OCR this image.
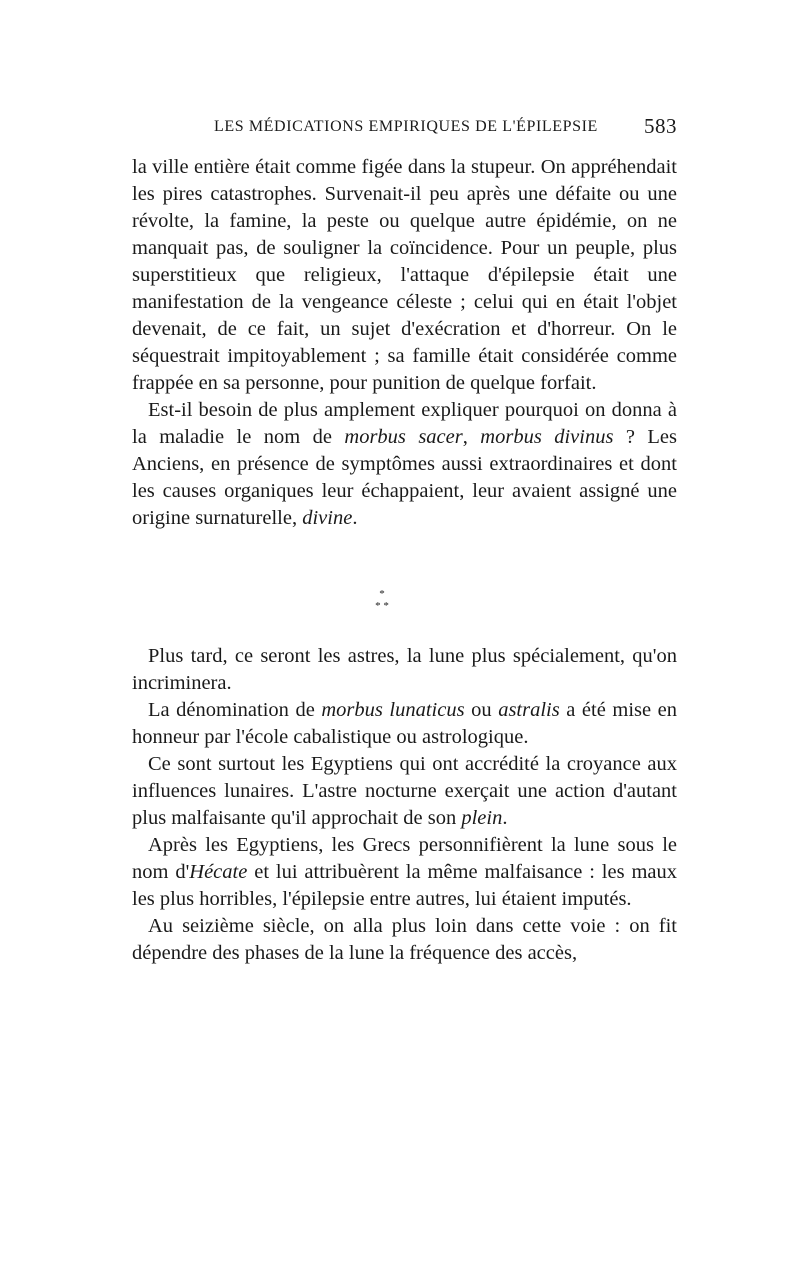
LES MÉDICATIONS EMPIRIQUES DE L'ÉPILEPSIE 583

la ville entière était comme figée dans la stupeur. On appréhendait les pires catastrophes. Survenait-il peu après une défaite ou une révolte, la famine, la peste ou quelque autre épidémie, on ne manquait pas, de souligner la coïncidence. Pour un peuple, plus superstitieux que religieux, l'attaque d'épilepsie était une manifestation de la vengeance céleste ; celui qui en était l'objet devenait, de ce fait, un sujet d'exécration et d'horreur. On le séquestrait impitoyablement ; sa famille était considérée comme frappée en sa personne, pour punition de quelque forfait.

Est-il besoin de plus amplement expliquer pourquoi on donna à la maladie le nom de morbus sacer, morbus divinus ? Les Anciens, en présence de symptômes aussi extraordinaires et dont les causes organiques leur échappaient, leur avaient assigné une origine surnaturelle, divine.

*
* *

Plus tard, ce seront les astres, la lune plus spécialement, qu'on incriminera.

La dénomination de morbus lunaticus ou astralis a été mise en honneur par l'école cabalistique ou astrologique.

Ce sont surtout les Egyptiens qui ont accrédité la croyance aux influences lunaires. L'astre nocturne exerçait une action d'autant plus malfaisante qu'il approchait de son plein.

Après les Egyptiens, les Grecs personnifièrent la lune sous le nom d'Hécate et lui attribuèrent la même malfaisance : les maux les plus horribles, l'épilepsie entre autres, lui étaient imputés.

Au seizième siècle, on alla plus loin dans cette voie : on fit dépendre des phases de la lune la fréquence des accès,
